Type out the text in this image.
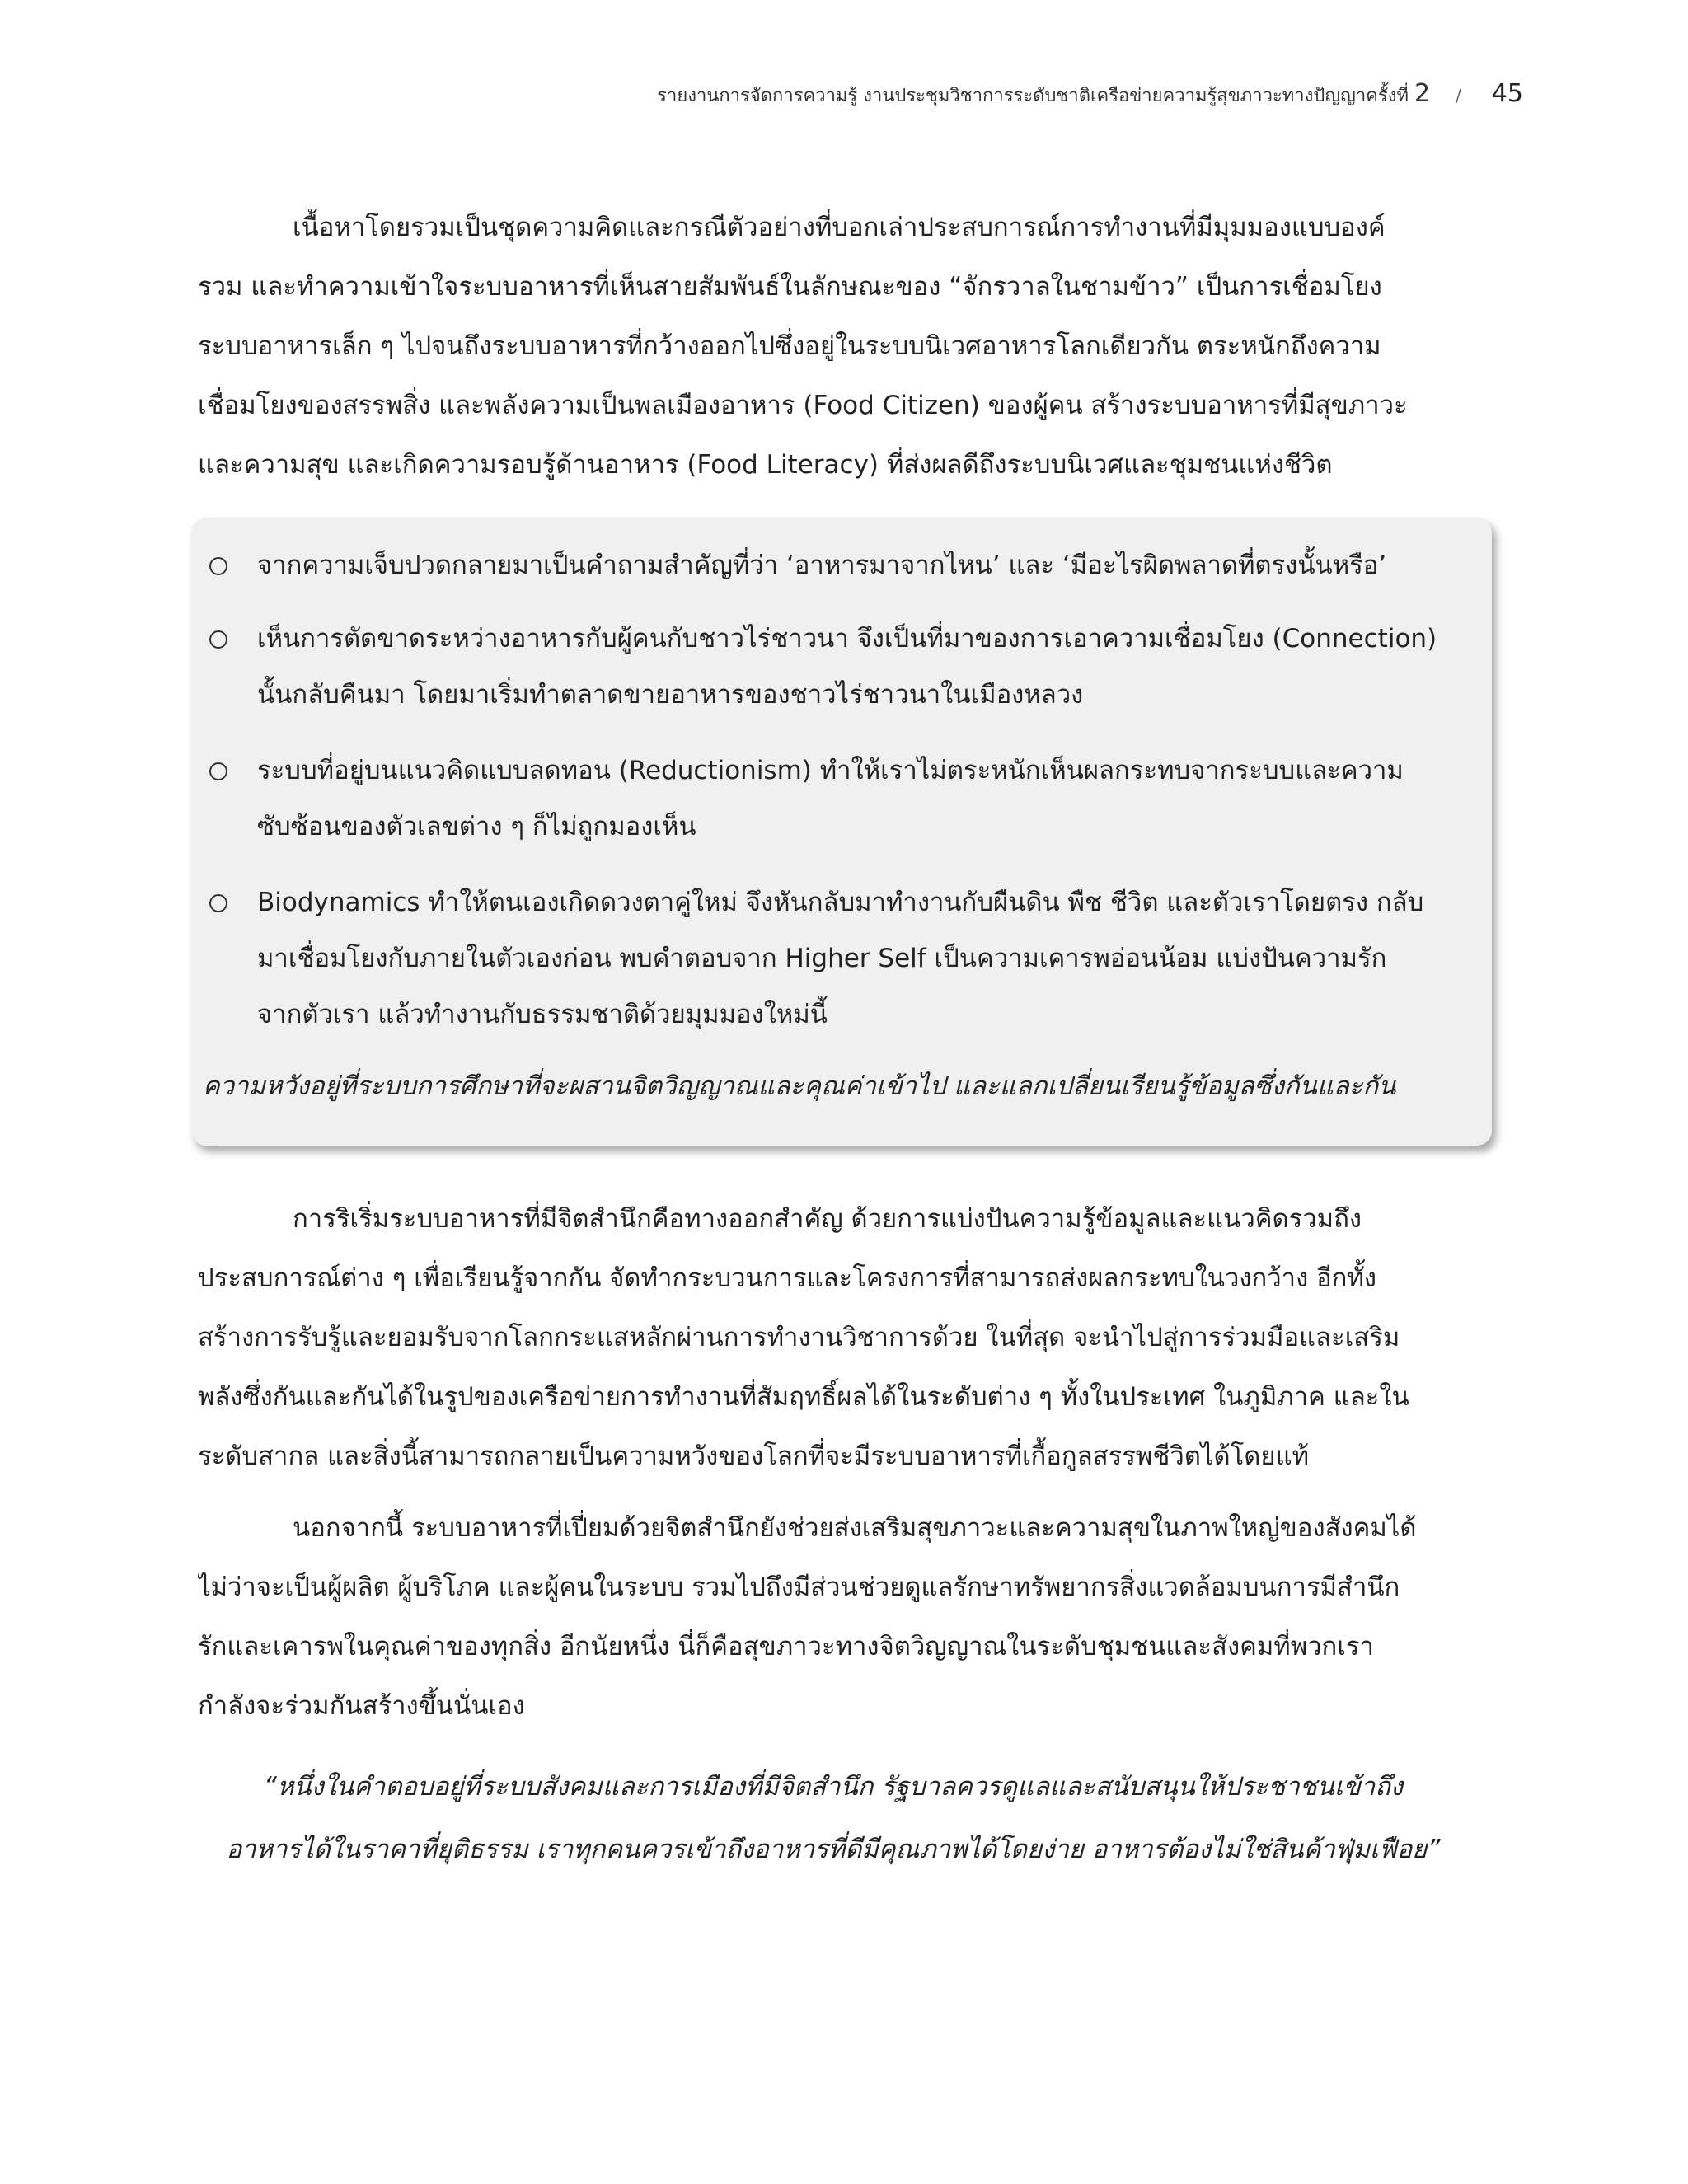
รายงานการจัดการความรู้ งานประชุมวิชาการระดับชาติเครือข่ายความรู้สุขภาวะทางปัญญาครั้งที่ 2 / 45
เนื้อหาโดยรวมเป็นชุดความคิดและกรณีตัวอย่างที่บอกเล่าประสบการณ์การทำงานที่มีมุมมองแบบองค์
รวม และทำความเข้าใจระบบอาหารที่เห็นสายสัมพันธ์ในลักษณะของ “จักรวาลในชามข้าว” เป็นการเชื่อมโยง
ระบบอาหารเล็ก ๆ ไปจนถึงระบบอาหารที่กว้างออกไปซึ่งอยู่ในระบบนิเวศอาหารโลกเดียวกัน ตระหนักถึงความ
เชื่อมโยงของสรรพสิ่ง และพลังความเป็นพลเมืองอาหาร (Food Citizen) ของผู้คน สร้างระบบอาหารที่มีสุขภาวะ
และความสุข และเกิดความรอบรู้ด้านอาหาร (Food Literacy) ที่ส่งผลดีถึงระบบนิเวศและชุมชนแห่งชีวิต
จากความเจ็บปวดกลายมาเป็นคำถามสำคัญที่ว่า ‘อาหารมาจากไหน’ และ ‘มีอะไรผิดพลาดที่ตรงนั้นหรือ’
เห็นการตัดขาดระหว่างอาหารกับผู้คนกับชาวไร่ชาวนา จึงเป็นที่มาของการเอาความเชื่อมโยง (Connection)
นั้นกลับคืนมา โดยมาเริ่มทำตลาดขายอาหารของชาวไร่ชาวนาในเมืองหลวง
ระบบที่อยู่บนแนวคิดแบบลดทอน (Reductionism) ทำให้เราไม่ตระหนักเห็นผลกระทบจากระบบและความ
ซับซ้อนของตัวเลขต่าง ๆ ก็ไม่ถูกมองเห็น
Biodynamics ทำให้ตนเองเกิดดวงตาคู่ใหม่ จึงหันกลับมาทำงานกับผืนดิน พืช ชีวิต และตัวเราโดยตรง กลับ
มาเชื่อมโยงกับภายในตัวเองก่อน พบคำตอบจาก Higher Self เป็นความเคารพอ่อนน้อม แบ่งปันความรัก
จากตัวเรา แล้วทำงานกับธรรมชาติด้วยมุมมองใหม่นี้
ความหวังอยู่ที่ระบบการศึกษาที่จะผสานจิตวิญญาณและคุณค่าเข้าไป และแลกเปลี่ยนเรียนรู้ข้อมูลซึ่งกันและกัน
การริเริ่มระบบอาหารที่มีจิตสำนึกคือทางออกสำคัญ ด้วยการแบ่งปันความรู้ข้อมูลและแนวคิดรวมถึง
ประสบการณ์ต่าง ๆ เพื่อเรียนรู้จากกัน จัดทำกระบวนการและโครงการที่สามารถส่งผลกระทบในวงกว้าง อีกทั้ง
สร้างการรับรู้และยอมรับจากโลกกระแสหลักผ่านการทำงานวิชาการด้วย ในที่สุด จะนำไปสู่การร่วมมือและเสริม
พลังซึ่งกันและกันได้ในรูปของเครือข่ายการทำงานที่สัมฤทธิ์ผลได้ในระดับต่าง ๆ ทั้งในประเทศ ในภูมิภาค และใน
ระดับสากล และสิ่งนี้สามารถกลายเป็นความหวังของโลกที่จะมีระบบอาหารที่เกื้อกูลสรรพชีวิตได้โดยแท้
นอกจากนี้ ระบบอาหารที่เปี่ยมด้วยจิตสำนึกยังช่วยส่งเสริมสุขภาวะและความสุขในภาพใหญ่ของสังคมได้
ไม่ว่าจะเป็นผู้ผลิต ผู้บริโภค และผู้คนในระบบ รวมไปถึงมีส่วนช่วยดูแลรักษาทรัพยากรสิ่งแวดล้อมบนการมีสำนึก
รักและเคารพในคุณค่าของทุกสิ่ง อีกนัยหนึ่ง นี่ก็คือสุขภาวะทางจิตวิญญาณในระดับชุมชนและสังคมที่พวกเรา
กำลังจะร่วมกันสร้างขึ้นนั่นเอง
“หนึ่งในคำตอบอยู่ที่ระบบสังคมและการเมืองที่มีจิตสำนึก รัฐบาลควรดูแลและสนับสนุนให้ประชาชนเข้าถึง
อาหารได้ในราคาที่ยุติธรรม เราทุกคนควรเข้าถึงอาหารที่ดีมีคุณภาพได้โดยง่าย อาหารต้องไม่ใช่สินค้าฟุ่มเฟือย”
